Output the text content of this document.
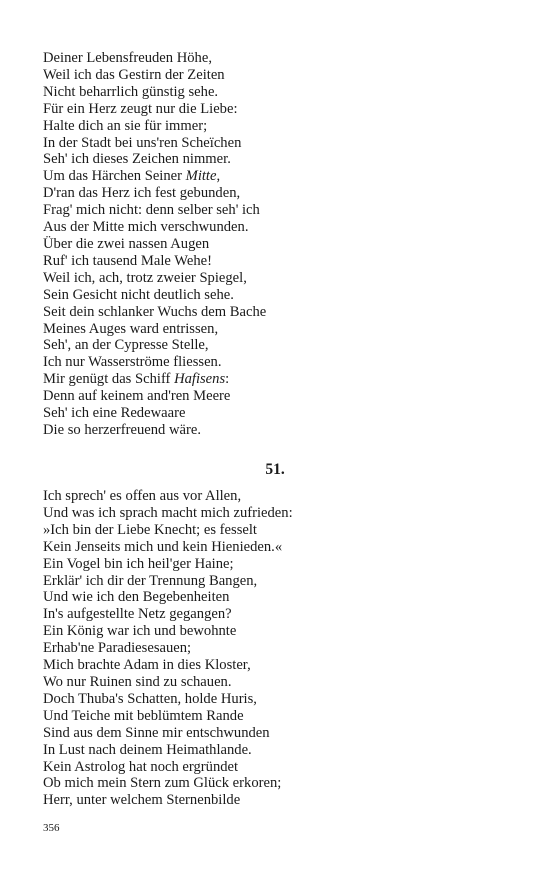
Deiner Lebensfreuden Höhe,
Weil ich das Gestirn der Zeiten
Nicht beharrlich günstig sehe.
Für ein Herz zeugt nur die Liebe:
Halte dich an sie für immer;
In der Stadt bei uns'ren Scheïchen
Seh' ich dieses Zeichen nimmer.
Um das Härchen Seiner Mitte,
D'ran das Herz ich fest gebunden,
Frag' mich nicht: denn selber seh' ich
Aus der Mitte mich verschwunden.
Über die zwei nassen Augen
Ruf' ich tausend Male Wehe!
Weil ich, ach, trotz zweier Spiegel,
Sein Gesicht nicht deutlich sehe.
Seit dein schlanker Wuchs dem Bache
Meines Auges ward entrissen,
Seh', an der Cypresse Stelle,
Ich nur Wasserströme fliessen.
Mir genügt das Schiff Hafisens:
Denn auf keinem and'ren Meere
Seh' ich eine Redewaare
Die so herzerfreuend wäre.
51.
Ich sprech' es offen aus vor Allen,
Und was ich sprach macht mich zufrieden:
»Ich bin der Liebe Knecht; es fesselt
Kein Jenseits mich und kein Hienieden.«
Ein Vogel bin ich heil'ger Haine;
Erklär' ich dir der Trennung Bangen,
Und wie ich den Begebenheiten
In's aufgestellte Netz gegangen?
Ein König war ich und bewohnte
Erhab'ne Paradiesesauen;
Mich brachte Adam in dies Kloster,
Wo nur Ruinen sind zu schauen.
Doch Thuba's Schatten, holde Huris,
Und Teiche mit beblümtem Rande
Sind aus dem Sinne mir entschwunden
In Lust nach deinem Heimathlande.
Kein Astrolog hat noch ergründet
Ob mich mein Stern zum Glück erkoren;
Herr, unter welchem Sternenbilde
356
